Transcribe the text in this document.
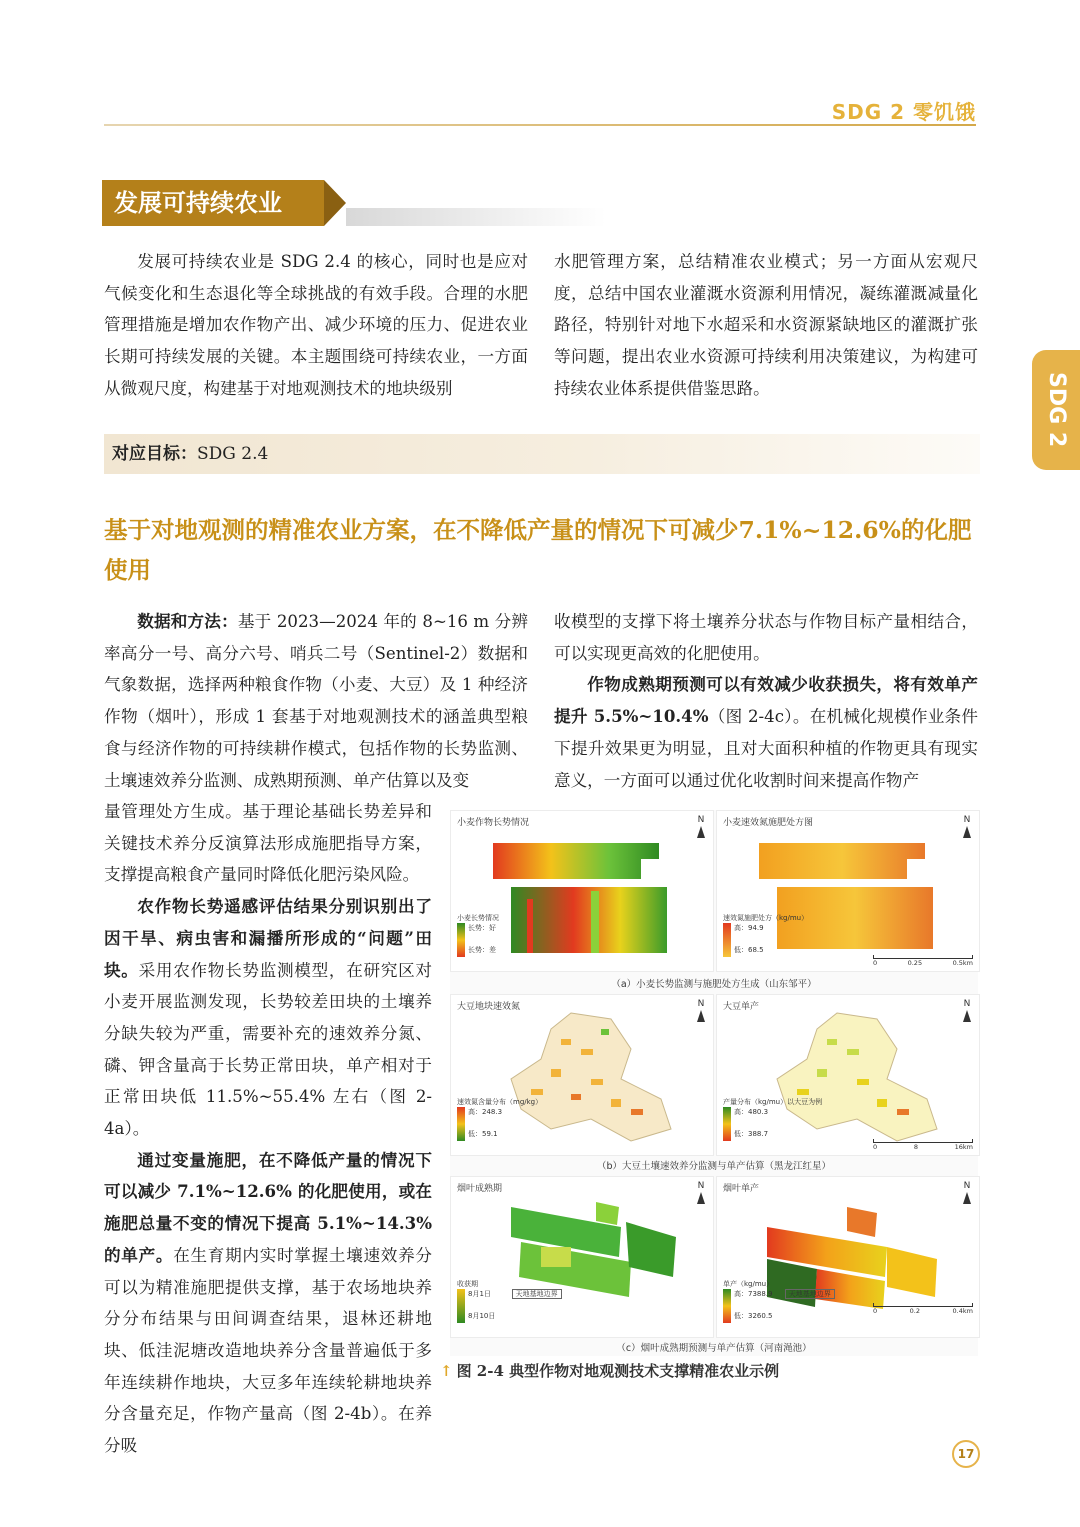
SDG 2 零饥饿
SDG 2
发展可持续农业

发展可持续农业是 SDG 2.4 的核心，同时也是应对气候变化和生态退化等全球挑战的有效手段。合理的水肥管理措施是增加农作物产出、减少环境的压力、促进农业长期可持续发展的关键。本主题围绕可持续农业，一方面从微观尺度，构建基于对地观测技术的地块级别

水肥管理方案，总结精准农业模式；另一方面从宏观尺度，总结中国农业灌溉水资源利用情况，凝练灌溉减量化路径，特别针对地下水超采和水资源紧缺地区的灌溉扩张等问题，提出农业水资源可持续利用决策建议，为构建可持续农业体系提供借鉴思路。

对应目标：SDG 2.4
基于对地观测的精准农业方案，在不降低产量的情况下可减少7.1%~12.6%的化肥使用

数据和方法：基于 2023—2024 年的 8~16 m 分辨率高分一号、高分六号、哨兵二号（Sentinel-2）数据和气象数据，选择两种粮食作物（小麦、大豆）及 1 种经济作物（烟叶），形成 1 套基于对地观测技术的涵盖典型粮食与经济作物的可持续耕作模式，包括作物的长势监测、土壤速效养分监测、成熟期预测、单产估算以及变

量管理处方生成。基于理论基础长势差异和关键技术养分反演算法形成施肥指导方案，支撑提高粮食产量同时降低化肥污染风险。

农作物长势遥感评估结果分别识别出了因干旱、病虫害和漏播所形成的“问题”田块。采用农作物长势监测模型，在研究区对小麦开展监测发现，长势较差田块的土壤养分缺失较为严重，需要补充的速效养分氮、磷、钾含量高于长势正常田块，单产相对于正常田块低 11.5%~55.4% 左右（图 2-4a）。

通过变量施肥，在不降低产量的情况下可以减少 7.1%~12.6% 的化肥使用，或在施肥总量不变的情况下提高 5.1%~14.3% 的单产。在生育期内实时掌握土壤速效养分可以为精准施肥提供支撑，基于农场地块养分分布结果与田间调查结果，退林还耕地块、低洼泥塘改造地块养分含量普遍低于多年连续耕作地块，大豆多年连续轮耕地块养分含量充足，作物产量高（图 2-4b）。在养分吸

收模型的支撑下将土壤养分状态与作物目标产量相结合，可以实现更高效的化肥使用。

作物成熟期预测可以有效减少收获损失，将有效单产提升 5.5%~10.4%（图 2-4c）。在机械化规模作业条件下提升效果更为明显，且对大面积种植的作物更具有现实意义，一方面可以通过优化收割时间来提高作物产

小麦作物长势情况	N
小麦长势情况
长势：好

长势：差
小麦速效氮施肥处方图	N
速效氮施肥处方（kg/mu）
高：94.9

低：68.5
0	0.25	0.5km
（a）小麦长势监测与施肥处方生成（山东邹平）
大豆地块速效氮	N
速效氮含量分布（mg/kg）
高：248.3

低：59.1
大豆单产	N
产量分布（kg/mu）以大豆为例
高：480.3

低：388.7
0	8	16km
（b）大豆土壤速效养分监测与单产估算（黑龙江红星）
烟叶成熟期	N
收获期
8月1日

8月10日 天地基地边界
烟叶单产	N
单产（kg/mu）
高：7388.9

低：3260.5 天地基地边界
0	0.2	0.4km
（c）烟叶成熟期预测与单产估算（河南渑池）
↑ 图 2-4 典型作物对地观测技术支撑精准农业示例
17
